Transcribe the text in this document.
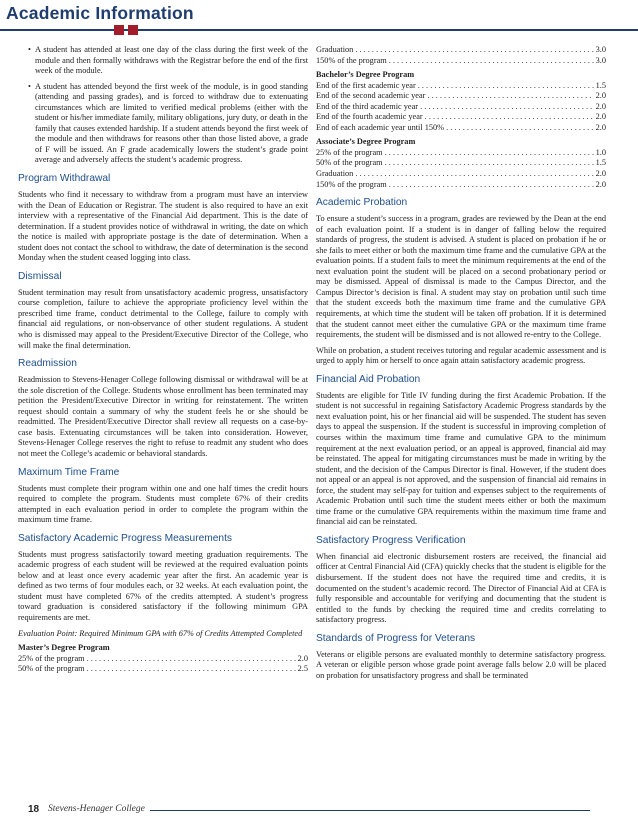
Academic Information
• A student has attended at least one day of the class during the first week of the module and then formally withdraws with the Registrar before the end of the first week of the module.
• A student has attended beyond the first week of the module, is in good standing (attending and passing grades), and is forced to withdraw due to extenuating circumstances which are limited to verified medical problems (either with the student or his/her immediate family, military obligations, jury duty, or death in the family that causes extended hardship. If a student attends beyond the first week of the module and then withdraws for reasons other than those listed above, a grade of F will be issued. An F grade academically lowers the student’s grade point average and adversely affects the student’s academic progress.
Program Withdrawal

Students who find it necessary to withdraw from a program must have an interview with the Dean of Education or Registrar. The student is also required to have an exit interview with a representative of the Financial Aid department. This is the date of determination. If a student provides notice of withdrawal in writing, the date on which the notice is mailed with appropriate postage is the date of determination. When a student does not contact the school to withdraw, the date of determination is the second Monday when the student ceased logging into class.

Dismissal

Student termination may result from unsatisfactory academic progress, unsatisfactory course completion, failure to achieve the appropriate proficiency level within the prescribed time frame, conduct detrimental to the College, failure to comply with financial aid regulations, or non-observance of other student regulations. A student who is dismissed may appeal to the President/Executive Director of the College, who will make the final determination.

Readmission

Readmission to Stevens-Henager College following dismissal or withdrawal will be at the sole discretion of the College. Students whose enrollment has been terminated may petition the President/Executive Director in writing for reinstatement. The written request should contain a summary of why the student feels he or she should be readmitted. The President/Executive Director shall review all requests on a case-by-case basis. Extenuating circumstances will be taken into consideration. However, Stevens-Henager College reserves the right to refuse to readmit any student who does not meet the College’s academic or behavioral standards.

Maximum Time Frame

Students must complete their program within one and one half times the credit hours required to complete the program. Students must complete 67% of their credits attempted in each evaluation period in order to complete the program within the maximum time frame.

Satisfactory Academic Progress Measurements

Students must progress satisfactorily toward meeting graduation requirements. The academic progress of each student will be reviewed at the required evaluation points below and at least once every academic year after the first. An academic year is defined as two terms of four modules each, or 32 weeks. At each evaluation point, the student must have completed 67% of the credits attempted. A student’s progress toward graduation is considered satisfactory if the following minimum GPA requirements are met.

Evaluation Point: Required Minimum GPA with 67% of Credits Attempted Completed
Master’s Degree Program
25% of the program . . .	2.0
50% of the program . . .	2.5
Graduation . . .	3.0
150% of the program . . .	3.0
Bachelor’s Degree Program
End of the first academic year . . .	1.5
End of the second academic year . . .	2.0
End of the third academic year . . .	2.0
End of the fourth academic year . . .	2.0
End of each academic year until 150% . . .	2.0
Associate’s Degree Program
25% of the program . . .	1.0
50% of the program . . .	1.5
Graduation . . .	2.0
150% of the program . . .	2.0
Academic Probation

To ensure a student’s success in a program, grades are reviewed by the Dean at the end of each evaluation point. If a student is in danger of falling below the required standards of progress, the student is advised. A student is placed on probation if he or she fails to meet either or both the maximum time frame and the cumulative GPA at the evaluation points. If a student fails to meet the minimum requirements at the end of the next evaluation point the student will be placed on a second probationary period or may be dismissed. Appeal of dismissal is made to the Campus Director, and the Campus Director’s decision is final. A student may stay on probation until such time that the student exceeds both the maximum time frame and the cumulative GPA requirements, at which time the student will be taken off probation. If it is determined that the student cannot meet either the cumulative GPA or the maximum time frame requirements, the student will be dismissed and is not allowed re-entry to the College.

While on probation, a student receives tutoring and regular academic assessment and is urged to apply him or herself to once again attain satisfactory academic progress.

Financial Aid Probation

Students are eligible for Title IV funding during the first Academic Probation. If the student is not successful in regaining Satisfactory Academic Progress standards by the next evaluation point, his or her financial aid will be suspended. The student has seven days to appeal the suspension. If the student is successful in improving completion of courses within the maximum time frame and cumulative GPA to the minimum requirement at the next evaluation period, or an appeal is approved, financial aid may be reinstated. The appeal for mitigating circumstances must be made in writing by the student, and the decision of the Campus Director is final. However, if the student does not appeal or an appeal is not approved, and the suspension of financial aid remains in force, the student may self-pay for tuition and expenses subject to the requirements of Academic Probation until such time the student meets either or both the maximum time frame or the cumulative GPA requirements within the maximum time frame and financial aid can be reinstated.

Satisfactory Progress Verification

When financial aid electronic disbursement rosters are received, the financial aid officer at Central Financial Aid (CFA) quickly checks that the student is eligible for the disbursement. If the student does not have the required time and credits, it is documented on the student’s academic record. The Director of Financial Aid at CFA is fully responsible and accountable for verifying and documenting that the student is entitled to the funds by checking the required time and credits correlating to satisfactory progress.

Standards of Progress for Veterans

Veterans or eligible persons are evaluated monthly to determine satisfactory progress. A veteran or eligible person whose grade point average falls below 2.0 will be placed on probation for unsatisfactory progress and shall be terminated

18 Stevens-Henager College
